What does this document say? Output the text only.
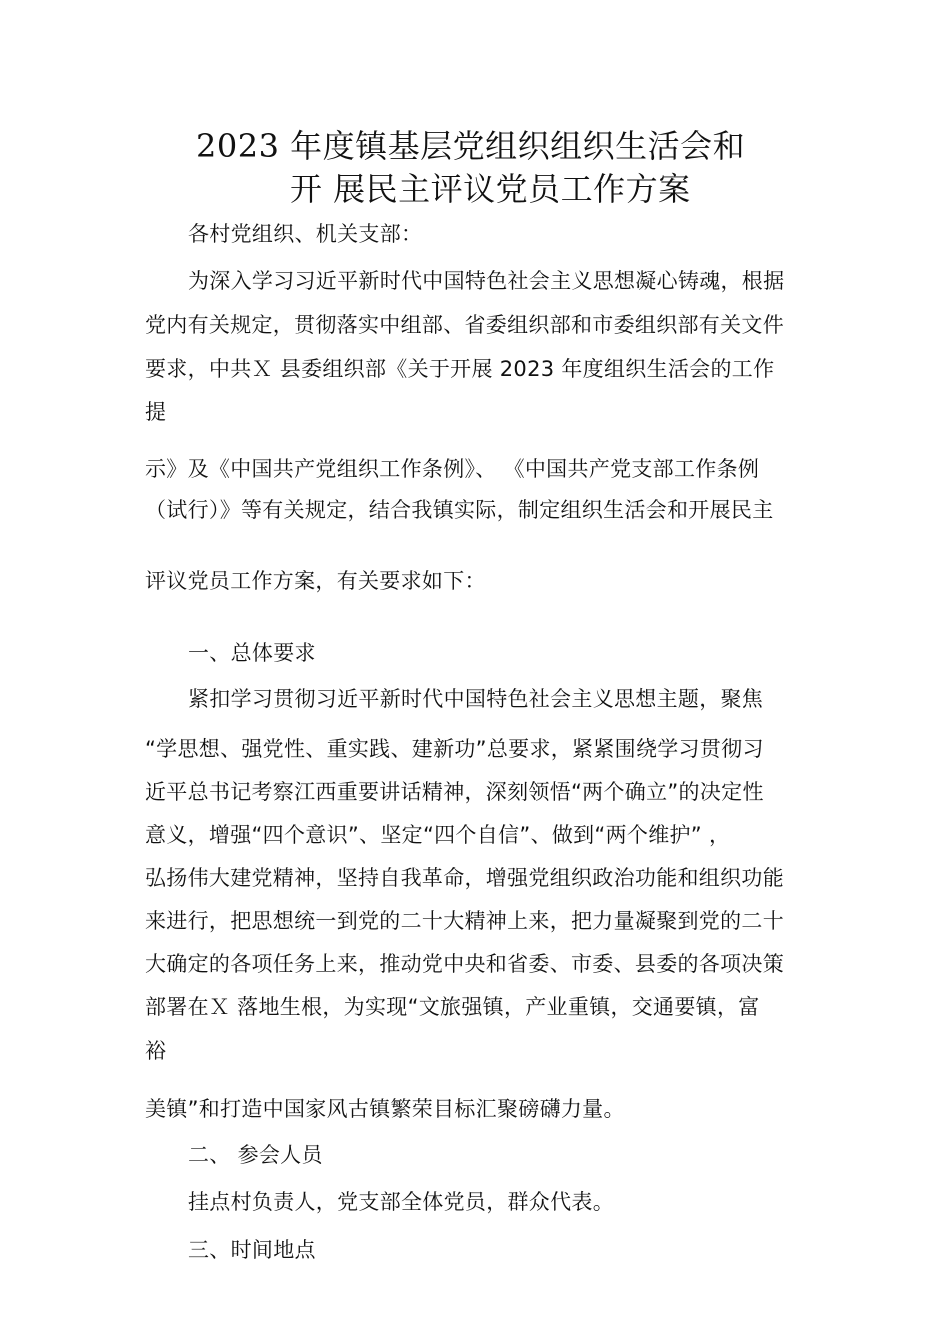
2023 年度镇基层党组织组织生活会和
开 展民主评议党员工作方案
各村党组织、机关支部：
为深入学习习近平新时代中国特色社会主义思想凝心铸魂，根据
党内有关规定，贯彻落实中组部、省委组织部和市委组织部有关文件
要求，中共Ｘ 县委组织部《关于开展 2023 年度组织生活会的工作
提
示》及《中国共产党组织工作条例》、 《中国共产党支部工作条例
（试行）》等有关规定，结合我镇实际，制定组织生活会和开展民主
评议党员工作方案，有关要求如下：
一、总体要求
紧扣学习贯彻习近平新时代中国特色社会主义思想主题，聚焦
“学思想、强党性、重实践、建新功”总要求，紧紧围绕学习贯彻习
近平总书记考察江西重要讲话精神，深刻领悟“两个确立”的决定性
意义，增强“四个意识”、坚定“四个自信”、做到“两个维护” ，
弘扬伟大建党精神，坚持自我革命，增强党组织政治功能和组织功能
来进行，把思想统一到党的二十大精神上来，把力量凝聚到党的二十
大确定的各项任务上来，推动党中央和省委、市委、县委的各项决策
部署在Ｘ 落地生根，为实现“文旅强镇，产业重镇，交通要镇，富
裕
美镇”和打造中国家风古镇繁荣目标汇聚磅礴力量。
二、 参会人员
挂点村负责人，党支部全体党员，群众代表。
三、时间地点
